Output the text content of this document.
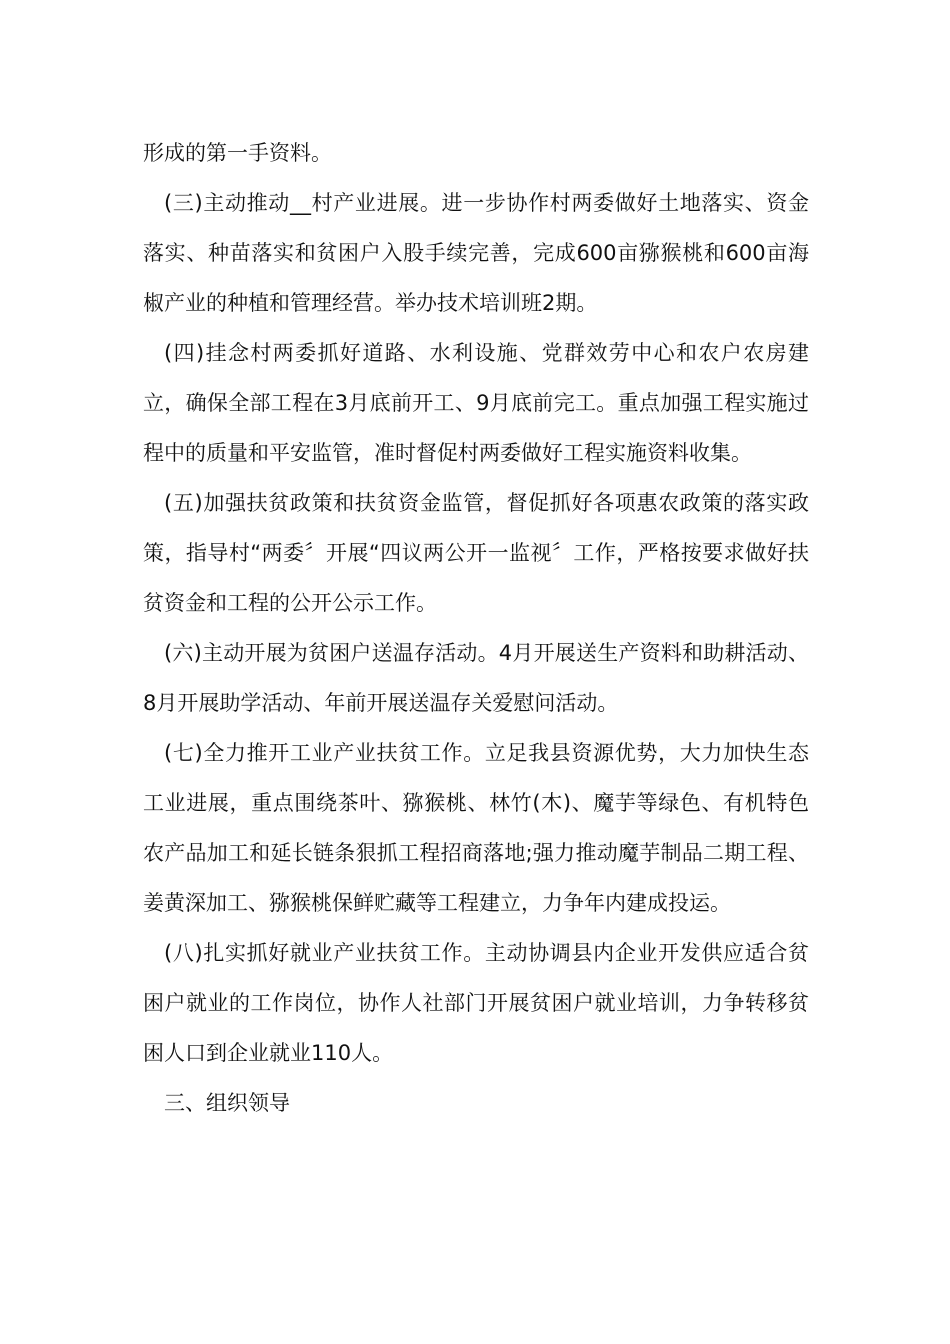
形成的第一手资料。

(三)主动推动__村产业进展。进一步协作村两委做好土地落实、资金落实、种苗落实和贫困户入股手续完善，完成600亩猕猴桃和600亩海椒产业的种植和管理经营。举办技术培训班2期。

(四)挂念村两委抓好道路、水利设施、党群效劳中心和农户农房建立，确保全部工程在3月底前开工、9月底前完工。重点加强工程实施过程中的质量和平安监管，准时督促村两委做好工程实施资料收集。

(五)加强扶贫政策和扶贫资金监管，督促抓好各项惠农政策的落实政策，指导村“两委〞开展“四议两公开一监视〞工作，严格按要求做好扶贫资金和工程的公开公示工作。

(六)主动开展为贫困户送温存活动。4月开展送生产资料和助耕活动、8月开展助学活动、年前开展送温存关爱慰问活动。

(七)全力推开工业产业扶贫工作。立足我县资源优势，大力加快生态工业进展，重点围绕茶叶、猕猴桃、林竹(木)、魔芋等绿色、有机特色农产品加工和延长链条狠抓工程招商落地;强力推动魔芋制品二期工程、姜黄深加工、猕猴桃保鲜贮藏等工程建立，力争年内建成投运。

(八)扎实抓好就业产业扶贫工作。主动协调县内企业开发供应适合贫困户就业的工作岗位，协作人社部门开展贫困户就业培训，力争转移贫困人口到企业就业110人。

三、组织领导
